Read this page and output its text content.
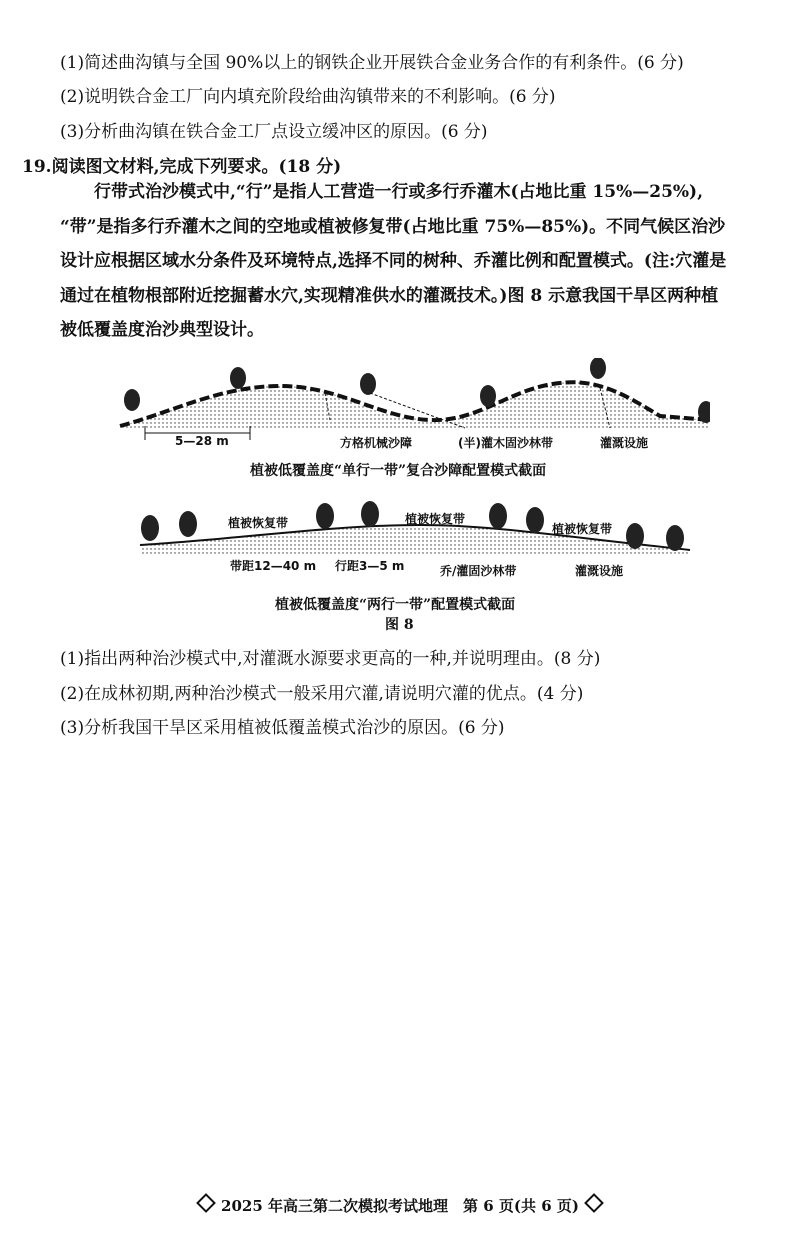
(1)简述曲沟镇与全国 90%以上的钢铁企业开展铁合金业务合作的有利条件。(6 分)
(2)说明铁合金工厂向内填充阶段给曲沟镇带来的不利影响。(6 分)
(3)分析曲沟镇在铁合金工厂点设立缓冲区的原因。(6 分)
19.阅读图文材料,完成下列要求。(18 分)
　　行带式治沙模式中,“行”是指人工营造一行或多行乔灌木(占地比重 15%—25%),
“带”是指多行乔灌木之间的空地或植被修复带(占地比重 75%—85%)。不同气候区治沙
设计应根据区域水分条件及环境特点,选择不同的树种、乔灌比例和配置模式。(注:穴灌是
通过在植物根部附近挖掘蓄水穴,实现精准供水的灌溉技术。)图 8 示意我国干旱区两种植
被低覆盖度治沙典型设计。
5—28 m	方格机械沙障	(半)灌木固沙林带	灌溉设施
植被低覆盖度“单行一带”复合沙障配置模式截面
植被恢复带	植被恢复带
植被恢复带
带距12—40 m 行距3—5 m	乔/灌固沙林带	灌溉设施
植被低覆盖度“两行一带”配置模式截面
图 8
(1)指出两种治沙模式中,对灌溉水源要求更高的一种,并说明理由。(8 分)
(2)在成林初期,两种治沙模式一般采用穴灌,请说明穴灌的优点。(4 分)
(3)分析我国干旱区采用植被低覆盖模式治沙的原因。(6 分)
2025 年高三第二次模拟考试地理　第 6 页(共 6 页)
